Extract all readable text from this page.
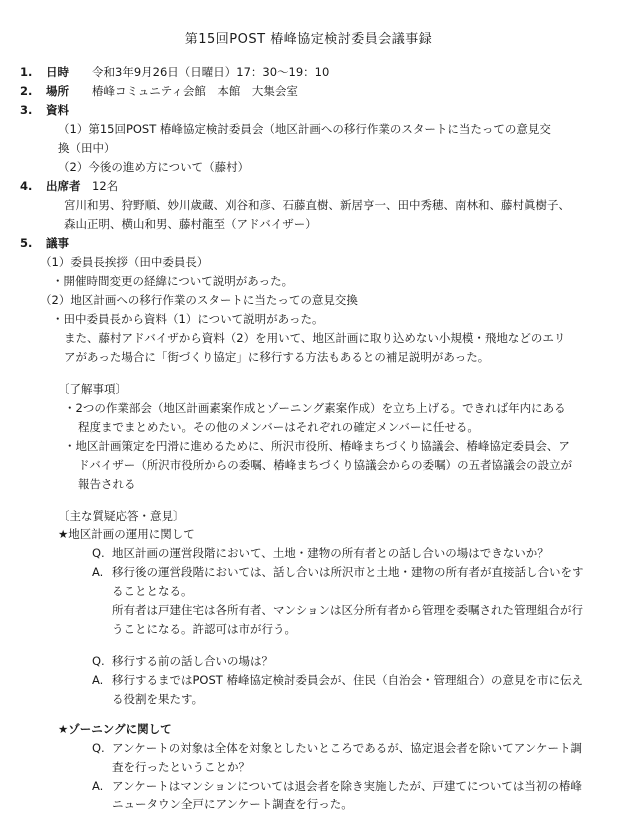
第15回POST 椿峰協定検討委員会議事録
1. 日時 令和3年9月26日（日曜日）17：30～19：10
2. 場所 椿峰コミュニティ会館　本館　大集会室
3. 資料
（1）第15回POST 椿峰協定検討委員会（地区計画への移行作業のスタートに当たっての意見交
換（田中）
（2）今後の進め方について（藤村）
4. 出席者 12名
宮川和男、狩野順、妙川歳蔵、刈谷和彦、石藤直樹、新居亨一、田中秀穂、南林和、藤村眞樹子、
森山正明、横山和男、藤村龍至（アドバイザー）
5. 議事
（1）委員長挨拶（田中委員長）
・開催時間変更の経緯について説明があった。
（2）地区計画への移行作業のスタートに当たっての意見交換
・田中委員長から資料（1）について説明があった。
また、藤村アドバイザから資料（2）を用いて、地区計画に取り込めない小規模・飛地などのエリ
アがあった場合に「街づくり協定」に移行する方法もあるとの補足説明があった。
〔了解事項〕
・2つの作業部会（地区計画素案作成とゾーニング素案作成）を立ち上げる。できれば年内にある
程度までまとめたい。その他のメンバーはそれぞれの確定メンバーに任せる。
・地区計画策定を円滑に進めるために、所沢市役所、椿峰まちづくり協議会、椿峰協定委員会、ア
ドバイザー（所沢市役所からの委嘱、椿峰まちづくり協議会からの委嘱）の五者協議会の設立が
報告される
〔主な質疑応答・意見〕
★地区計画の運用に関して
Q. 地区計画の運営段階において、土地・建物の所有者との話し合いの場はできないか？
A. 移行後の運営段階においては、話し合いは所沢市と土地・建物の所有者が直接話し合いをす
ることとなる。
所有者は戸建住宅は各所有者、マンションは区分所有者から管理を委嘱された管理組合が行
うことになる。許認可は市が行う。
Q. 移行する前の話し合いの場は？
A. 移行するまではPOST 椿峰協定検討委員会が、住民（自治会・管理組合）の意見を市に伝え
る役割を果たす。
★ゾーニングに関して
Q. アンケートの対象は全体を対象としたいところであるが、協定退会者を除いてアンケート調
査を行ったということか？
A. アンケートはマンションについては退会者を除き実施したが、戸建てについては当初の椿峰
ニュータウン全戸にアンケート調査を行った。
